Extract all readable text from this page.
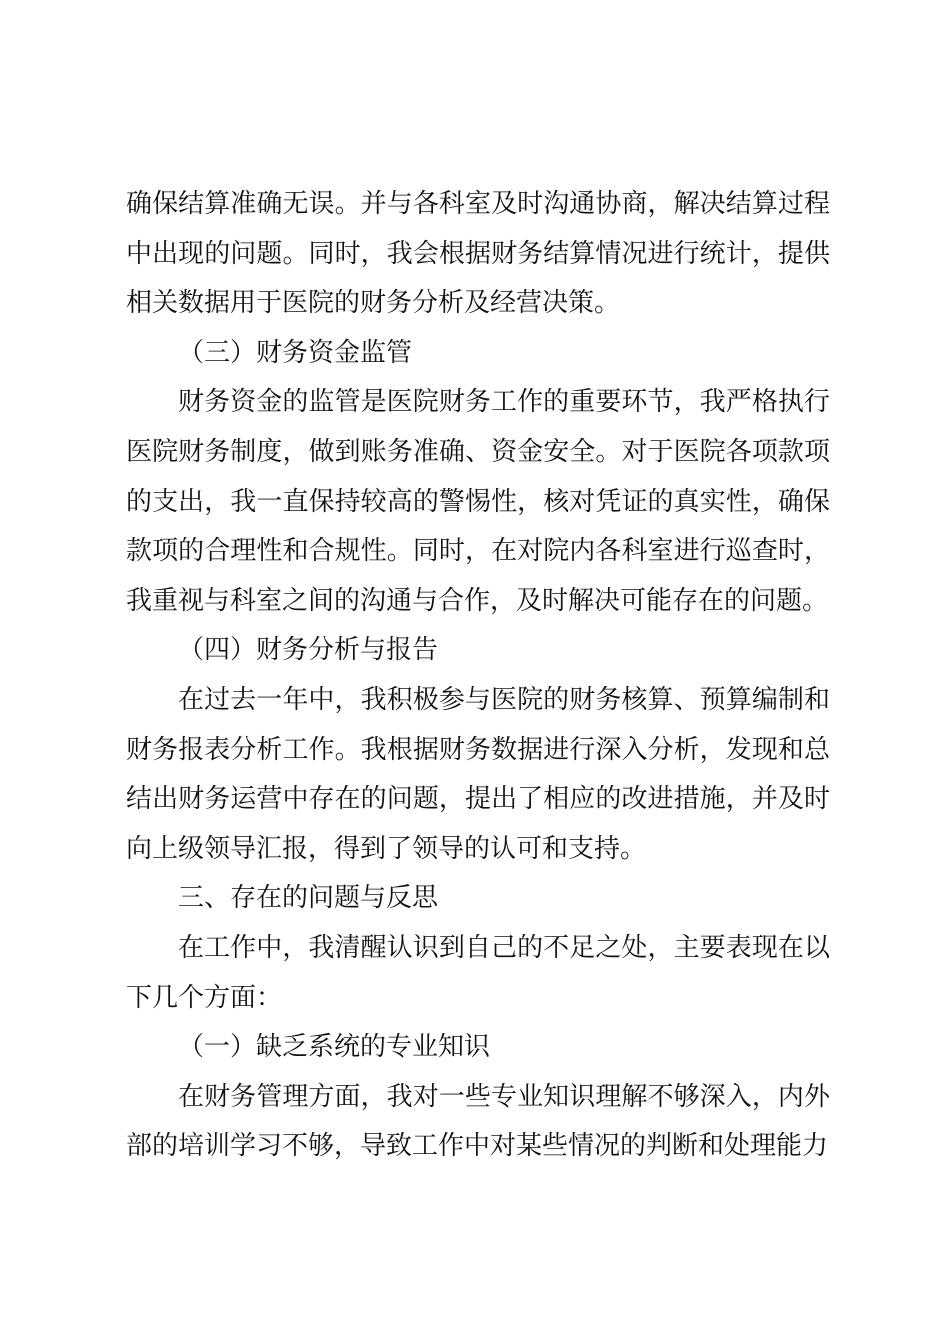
确保结算准确无误。并与各科室及时沟通协商，解决结算过程中出现的问题。同时，我会根据财务结算情况进行统计，提供相关数据用于医院的财务分析及经营决策。

（三）财务资金监管

财务资金的监管是医院财务工作的重要环节，我严格执行医院财务制度，做到账务准确、资金安全。对于医院各项款项的支出，我一直保持较高的警惕性，核对凭证的真实性，确保款项的合理性和合规性。同时，在对院内各科室进行巡查时，我重视与科室之间的沟通与合作，及时解决可能存在的问题。

（四）财务分析与报告

在过去一年中，我积极参与医院的财务核算、预算编制和财务报表分析工作。我根据财务数据进行深入分析，发现和总结出财务运营中存在的问题，提出了相应的改进措施，并及时向上级领导汇报，得到了领导的认可和支持。

三、存在的问题与反思

在工作中，我清醒认识到自己的不足之处，主要表现在以下几个方面：

（一）缺乏系统的专业知识

在财务管理方面，我对一些专业知识理解不够深入，内外部的培训学习不够，导致工作中对某些情况的判断和处理能力
